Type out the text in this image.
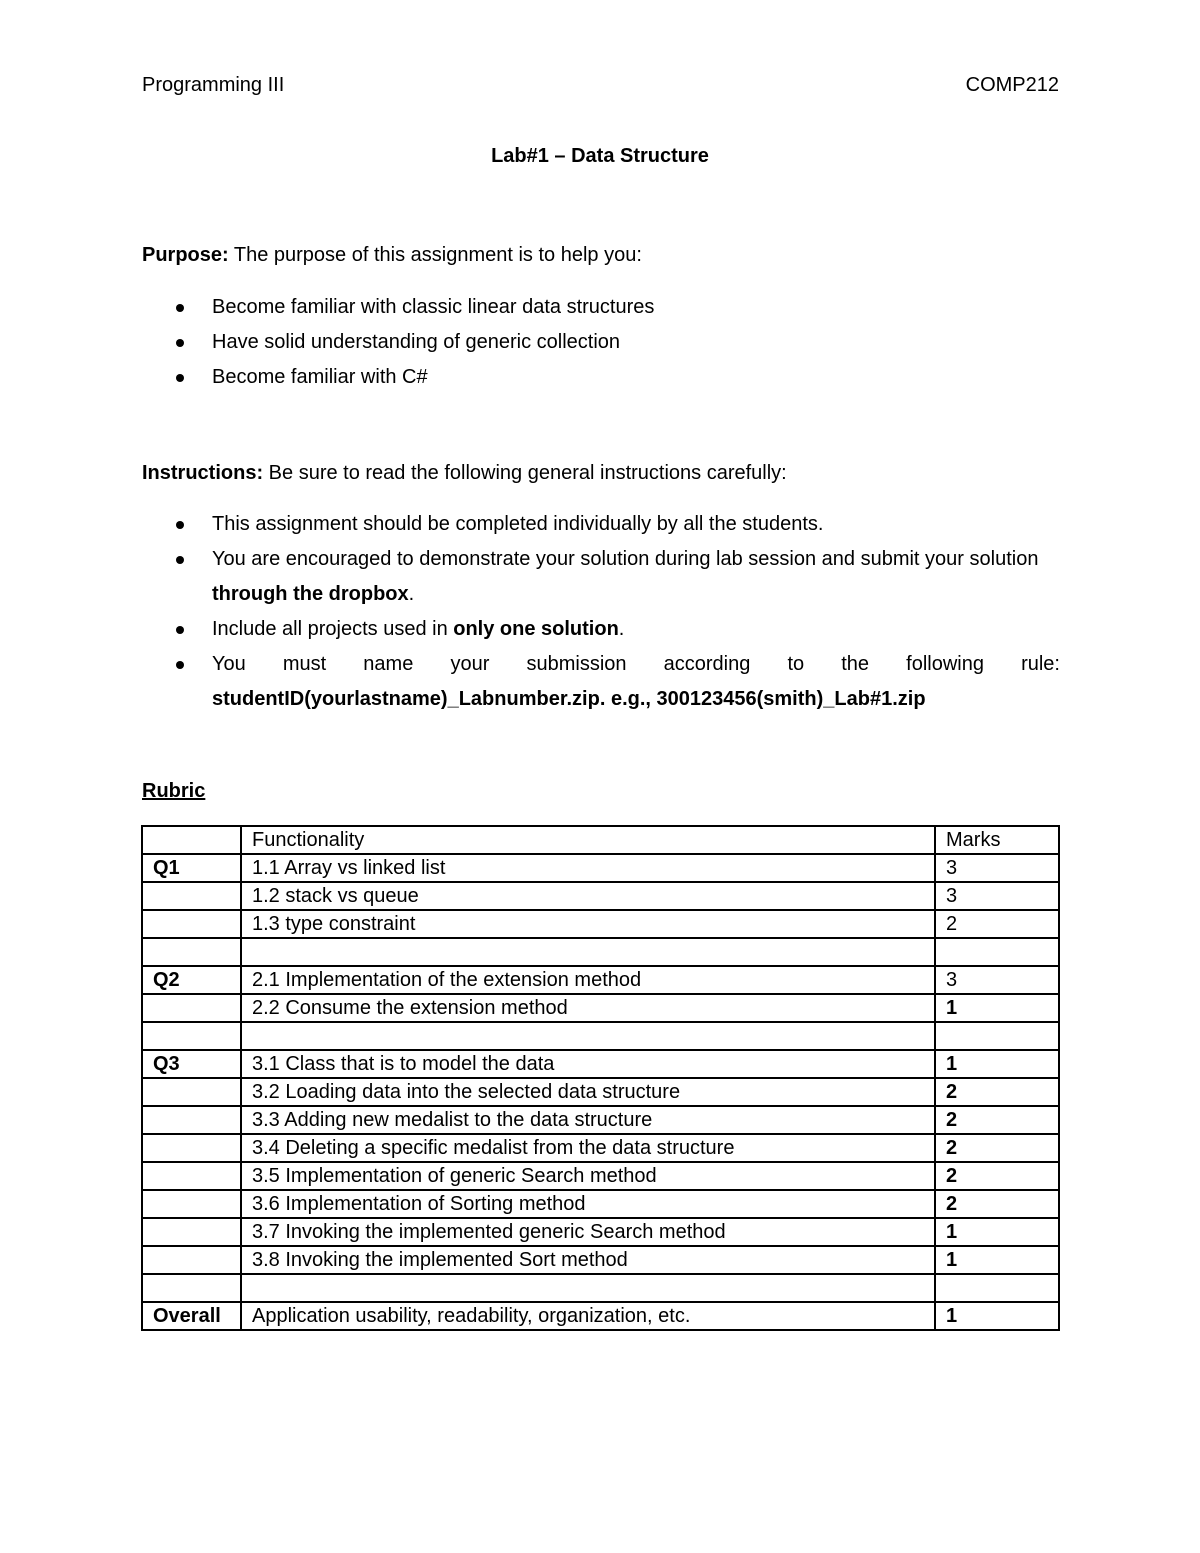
Programming III	COMP212
Lab#1 – Data Structure
Purpose: The purpose of this assignment is to help you:
Become familiar with classic linear data structures
Have solid understanding of generic collection
Become familiar with C#
Instructions: Be sure to read the following general instructions carefully:
This assignment should be completed individually by all the students.
You are encouraged to demonstrate your solution during lab session and submit your solution through the dropbox.
Include all projects used in only one solution.
You must name your submission according to the following rule:
studentID(yourlastname)_Labnumber.zip. e.g., 300123456(smith)_Lab#1.zip
Rubric
	Functionality	Marks
Q1	1.1 Array vs linked list	3
	1.2 stack vs queue	3
	1.3 type constraint	2

Q2	2.1 Implementation of the extension method	3
	2.2 Consume the extension method	1

Q3	3.1 Class that is to model the data	1
	3.2 Loading data into the selected data structure	2
	3.3 Adding new medalist to the data structure	2
	3.4 Deleting a specific medalist from the data structure	2
	3.5 Implementation of generic Search method	2
	3.6 Implementation of Sorting method	2
	3.7 Invoking the implemented generic Search method	1
	3.8 Invoking the implemented Sort method	1

Overall	Application usability, readability, organization, etc.	1
